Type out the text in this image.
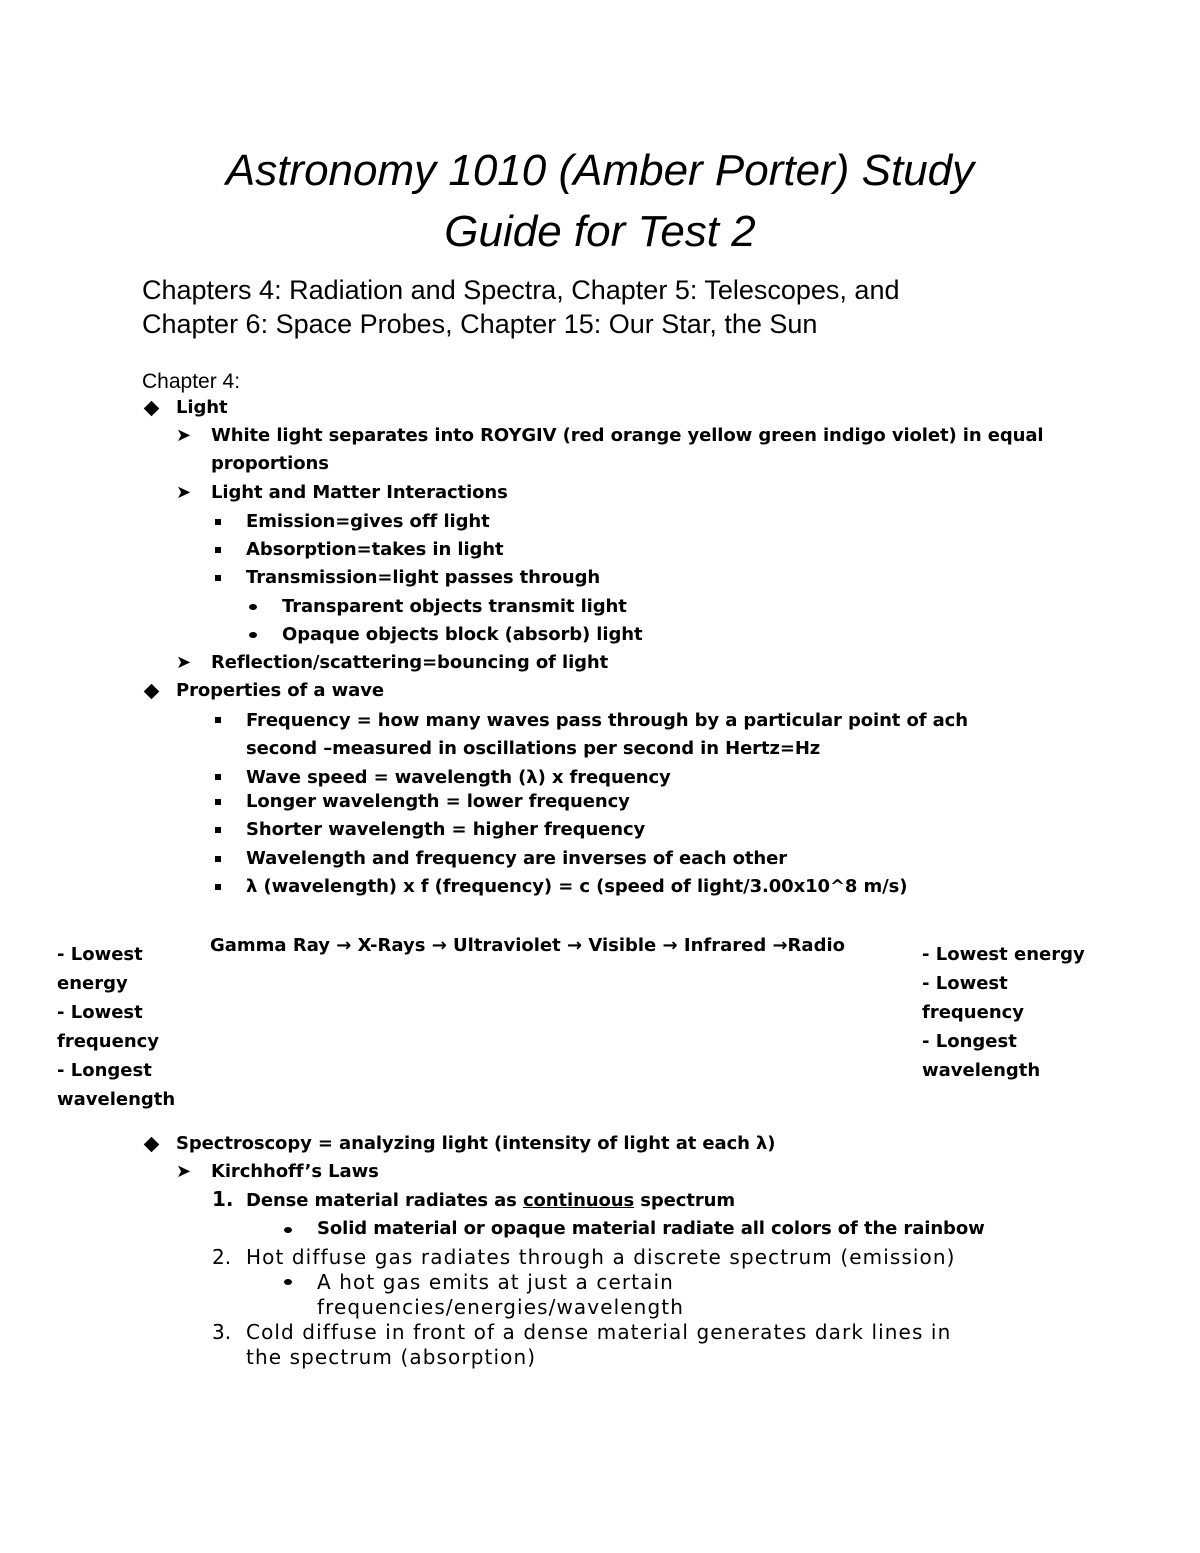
Astronomy 1010 (Amber Porter) Study
Guide for Test 2
Chapters 4: Radiation and Spectra, Chapter 5: Telescopes, and
Chapter 6: Space Probes, Chapter 15: Our Star, the Sun
Chapter 4:
Light
➤ White light separates into ROYGIV (red orange yellow green indigo violet) in equal
proportions
➤ Light and Matter Interactions
Emission=gives off light
Absorption=takes in light
Transmission=light passes through
Transparent objects transmit light
Opaque objects block (absorb) light
➤ Reflection/scattering=bouncing of light
Properties of a wave
Frequency = how many waves pass through by a particular point of ach
second –measured in oscillations per second in Hertz=Hz
Wave speed = wavelength (λ) x frequency
Longer wavelength = lower frequency
Shorter wavelength = higher frequency
Wavelength and frequency are inverses of each other
λ (wavelength) x f (frequency) = c (speed of light/3.00x10^8 m/s)
Gamma Ray → X-Rays → Ultraviolet → Visible → Infrared →Radio
- Lowest
energy
- Lowest
frequency
- Longest
wavelength
- Lowest energy
- Lowest
frequency
- Longest
wavelength
Spectroscopy = analyzing light (intensity of light at each λ)
➤ Kirchhoff’s Laws
1. Dense material radiates as continuous spectrum
Solid material or opaque material radiate all colors of the rainbow
2. Hot diffuse gas radiates through a discrete spectrum (emission)
A hot gas emits at just a certain
frequencies/energies/wavelength
3. Cold diffuse in front of a dense material generates dark lines in
the spectrum (absorption)
